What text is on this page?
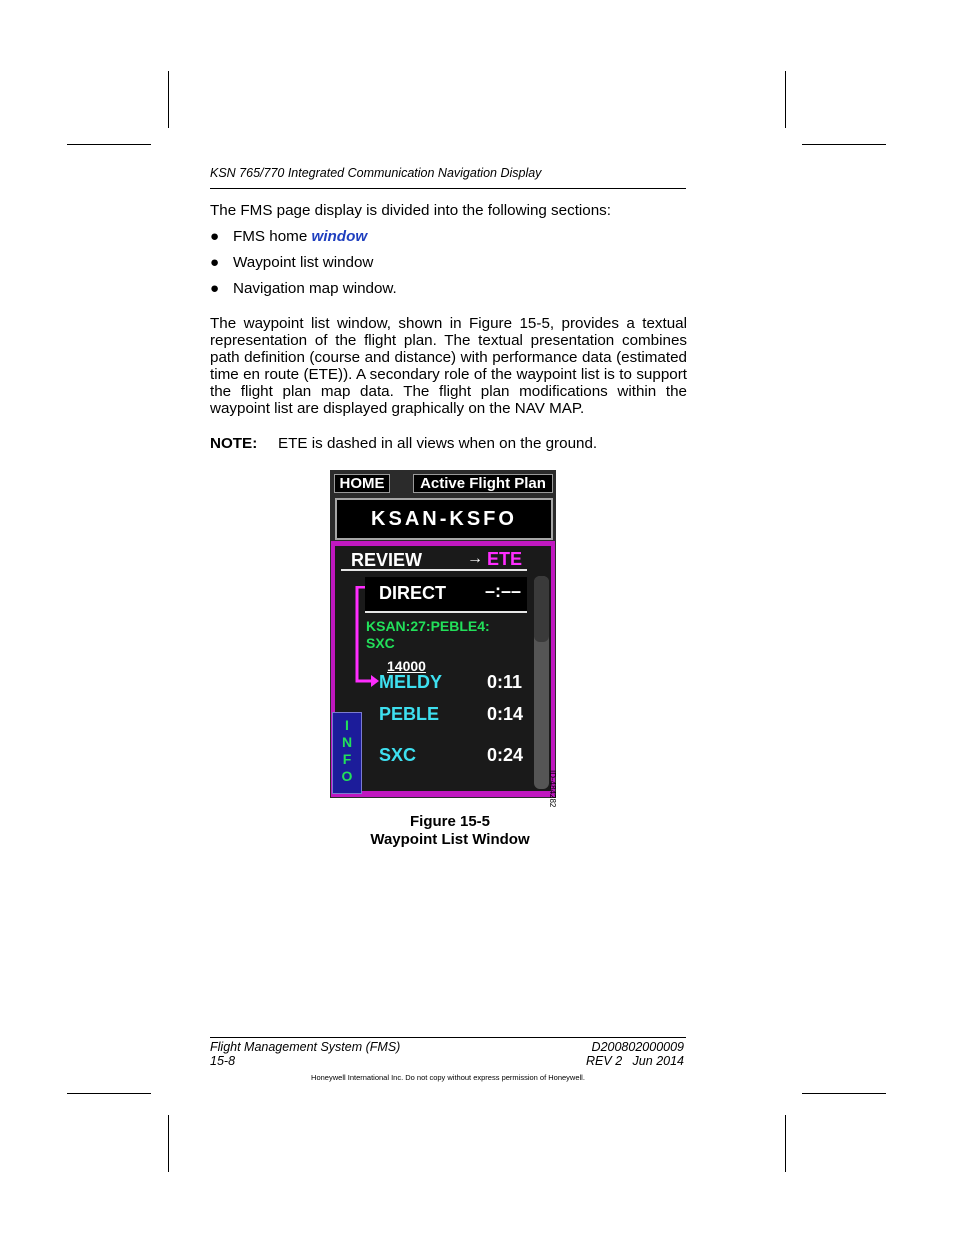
KSN 765/770 Integrated Communication Navigation Display
The FMS page display is divided into the following sections:
● FMS home window
● Waypoint list window
● Navigation map window.
The waypoint list window, shown in Figure 15-5, provides a textual representation of the flight plan. The textual presentation combines path definition (course and distance) with performance data (estimated time en route (ETE)). A secondary role of the waypoint list is to support the flight plan map data. The flight plan modifications within the waypoint list are displayed graphically on the NAV MAP.
NOTE: ETE is dashed in all views when on the ground.
HOME	Active Flight Plan
KSAN-KSFO
REVIEW	→ ETE
DIRECT –:––
KSAN:27:PEBLE4:
SXC
14000
MELDY	0:11
PEBLE	0:14
SXC	0:24
I
N
F
O	ID-484282
Figure 15-5
Waypoint List Window
Flight Management System (FMS)
15-8
D200802000009
REV 2   Jun 2014
Honeywell International Inc. Do not copy without express permission of Honeywell.
